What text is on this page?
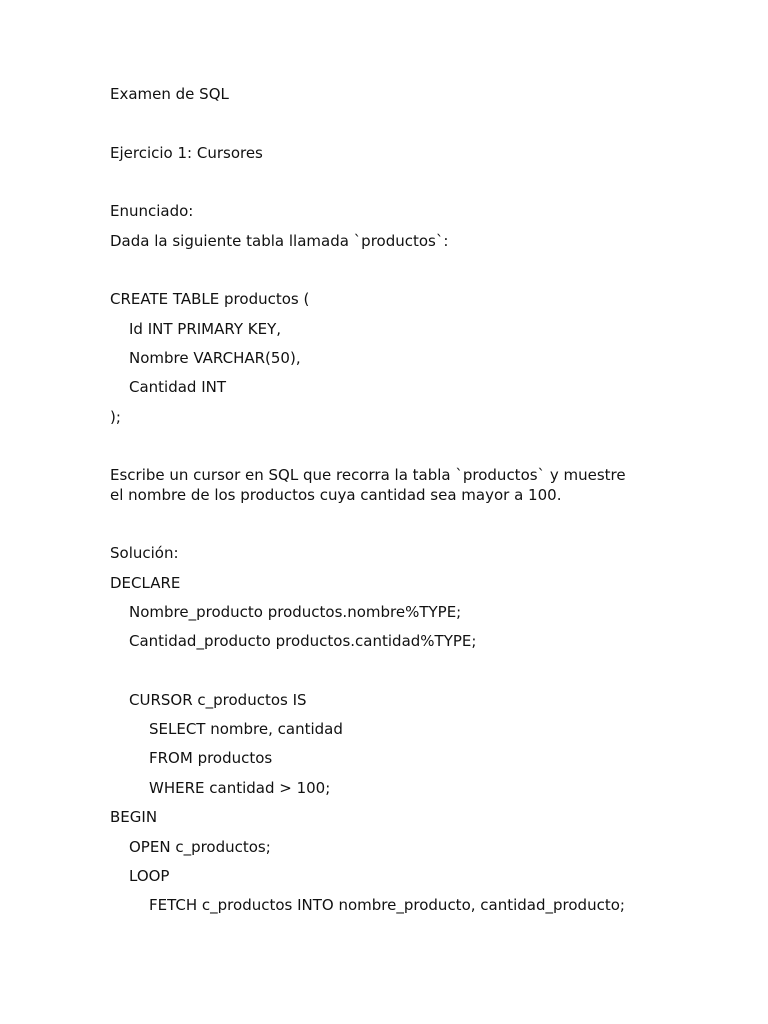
Examen de SQL
Ejercicio 1: Cursores
Enunciado:
Dada la siguiente tabla llamada `productos`:
CREATE TABLE productos (
Id INT PRIMARY KEY,
Nombre VARCHAR(50),
Cantidad INT
);
Escribe un cursor en SQL que recorra la tabla `productos` y muestre
el nombre de los productos cuya cantidad sea mayor a 100.
Solución:
DECLARE
Nombre_producto productos.nombre%TYPE;
Cantidad_producto productos.cantidad%TYPE;
CURSOR c_productos IS
SELECT nombre, cantidad
FROM productos
WHERE cantidad > 100;
BEGIN
OPEN c_productos;
LOOP
FETCH c_productos INTO nombre_producto, cantidad_producto;
